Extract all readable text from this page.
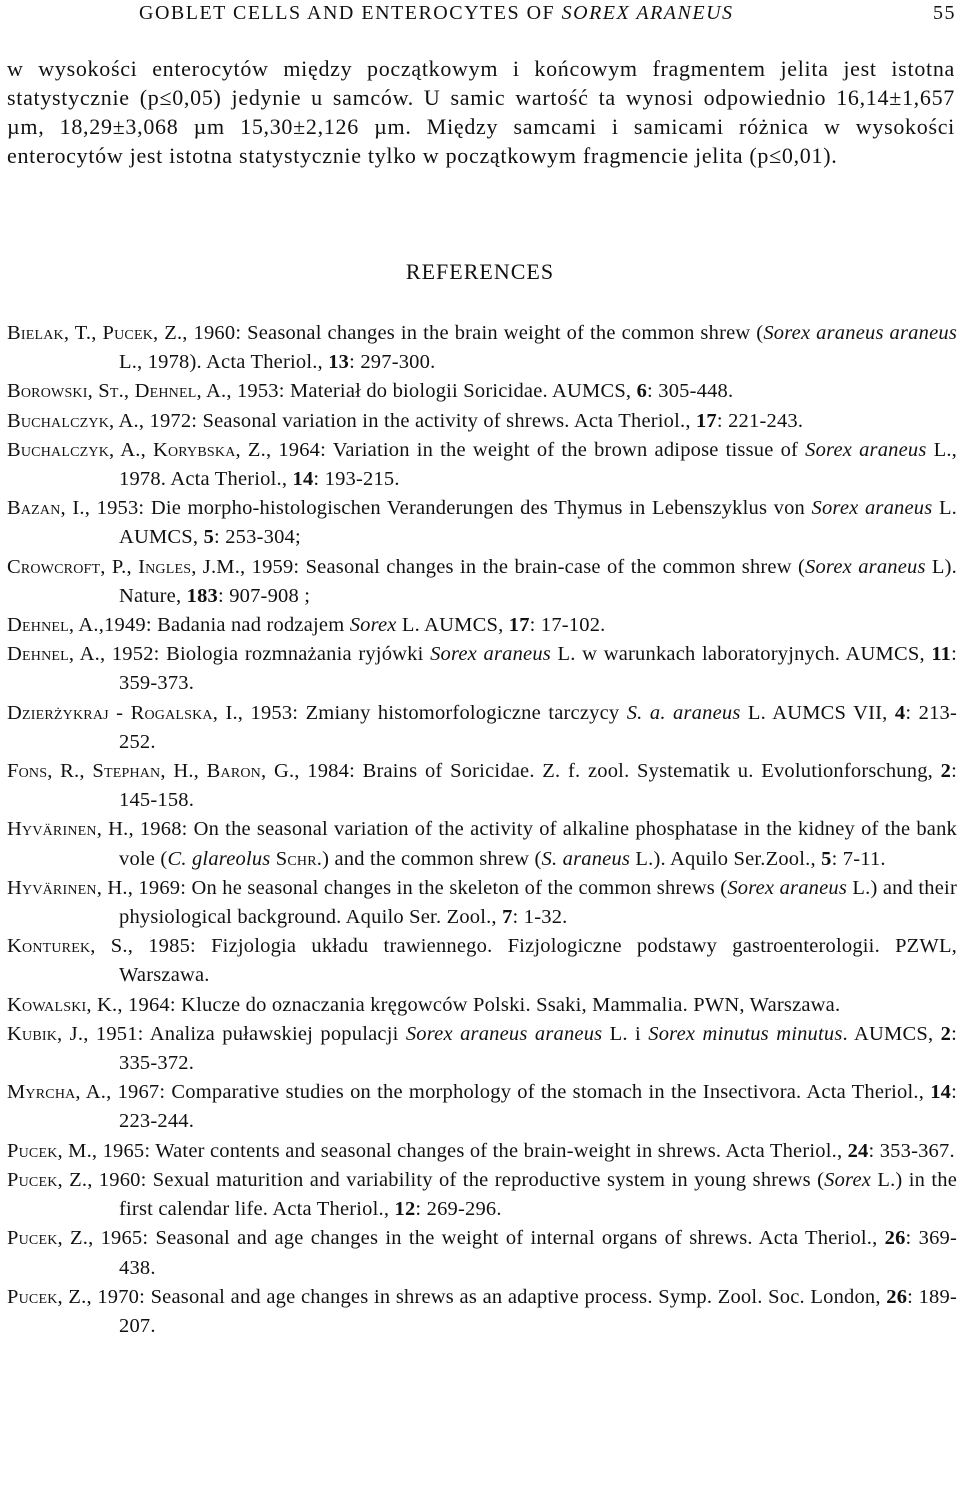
GOBLET CELLS AND ENTEROCYTES OF SOREX ARANEUS	55

w wysokości enterocytów między początkowym i końcowym fragmentem jelita jest istotna statystycznie (p≤0,05) jedynie u samców. U samic wartość ta wynosi odpowiednio 16,14±1,657 µm, 18,29±3,068 µm 15,30±2,126 µm. Między samcami i samicami różnica w wysokości enterocytów jest istotna statystycznie tylko w początkowym fragmencie jelita (p≤0,01).

REFERENCES
Bielak, T., Pucek, Z., 1960: Seasonal changes in the brain weight of the common shrew (Sorex araneus araneus L., 1978). Acta Theriol., 13: 297-300.
Borowski, St., Dehnel, A., 1953: Materiał do biologii Soricidae. AUMCS, 6: 305-448.
Buchalczyk, A., 1972: Seasonal variation in the activity of shrews. Acta Theriol., 17: 221-243.
Buchalczyk, A., Korybska, Z., 1964: Variation in the weight of the brown adipose tissue of Sorex araneus L., 1978. Acta Theriol., 14: 193-215.
Bazan, I., 1953: Die morpho-histologischen Veranderungen des Thymus in Lebenszyklus von Sorex araneus L. AUMCS, 5: 253-304;
Crowcroft, P., Ingles, J.M., 1959: Seasonal changes in the brain-case of the common shrew (Sorex araneus L). Nature, 183: 907-908 ;
Dehnel, A.,1949: Badania nad rodzajem Sorex L. AUMCS, 17: 17-102.
Dehnel, A., 1952: Biologia rozmnażania ryjówki Sorex araneus L. w warunkach laboratoryjnych. AUMCS, 11: 359-373.
Dzierżykraj - Rogalska, I., 1953: Zmiany histomorfologiczne tarczycy S. a. araneus L. AUMCS VII, 4: 213- 252.
Fons, R., Stephan, H., Baron, G., 1984: Brains of Soricidae. Z. f. zool. Systematik u. Evolutionforschung, 2: 145-158.
Hyvärinen, H., 1968: On the seasonal variation of the activity of alkaline phosphatase in the kidney of the bank vole (C. glareolus Schr.) and the common shrew (S. araneus L.). Aquilo Ser.Zool., 5: 7-11.
Hyvärinen, H., 1969: On he seasonal changes in the skeleton of the common shrews (Sorex araneus L.) and their physiological background. Aquilo Ser. Zool., 7: 1-32.
Konturek, S., 1985: Fizjologia układu trawiennego. Fizjologiczne podstawy gastroenterologii. PZWL, Warszawa.
Kowalski, K., 1964: Klucze do oznaczania kręgowców Polski. Ssaki, Mammalia. PWN, Warszawa.
Kubik, J., 1951: Analiza puławskiej populacji Sorex araneus araneus L. i Sorex minutus minutus. AUMCS, 2: 335-372.
Myrcha, A., 1967: Comparative studies on the morphology of the stomach in the Insectivora. Acta Theriol., 14: 223-244.
Pucek, M., 1965: Water contents and seasonal changes of the brain-weight in shrews. Acta Theriol., 24: 353-367.
Pucek, Z., 1960: Sexual maturition and variability of the reproductive system in young shrews (Sorex L.) in the first calendar life. Acta Theriol., 12: 269-296.
Pucek, Z., 1965: Seasonal and age changes in the weight of internal organs of shrews. Acta Theriol., 26: 369- 438.
Pucek, Z., 1970: Seasonal and age changes in shrews as an adaptive process. Symp. Zool. Soc. London, 26: 189-207.
